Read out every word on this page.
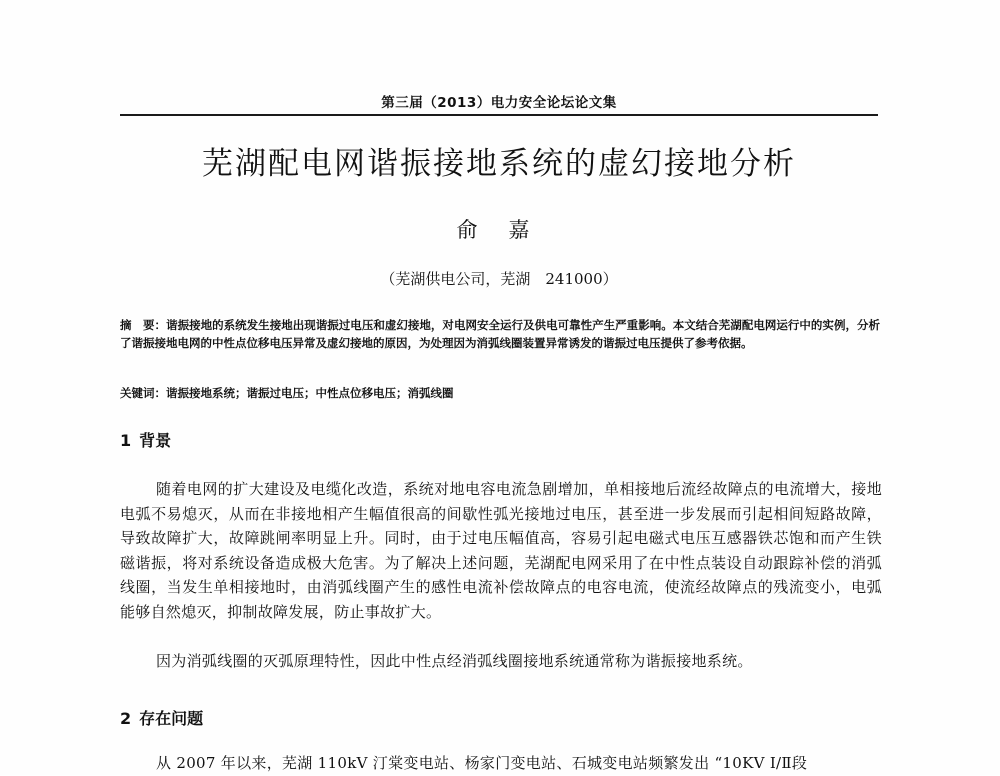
第三届（2013）电力安全论坛论文集
芜湖配电网谐振接地系统的虚幻接地分析
俞 嘉
（芜湖供电公司，芜湖　241000）
摘　要：谐振接地的系统发生接地出现谐振过电压和虚幻接地，对电网安全运行及供电可靠性产生严重影响。本文结合芜湖配电网运行中的实例，分析了谐振接地电网的中性点位移电压异常及虚幻接地的原因，为处理因为消弧线圈装置异常诱发的谐振过电压提供了参考依据。
关键词：谐振接地系统；谐振过电压；中性点位移电压；消弧线圈
1 背景
随着电网的扩大建设及电缆化改造，系统对地电容电流急剧增加，单相接地后流经故障点的电流增大，接地电弧不易熄灭，从而在非接地相产生幅值很高的间歇性弧光接地过电压，甚至进一步发展而引起相间短路故障，导致故障扩大，故障跳闸率明显上升。同时，由于过电压幅值高，容易引起电磁式电压互感器铁芯饱和而产生铁磁谐振，将对系统设备造成极大危害。为了解决上述问题，芜湖配电网采用了在中性点装设自动跟踪补偿的消弧线圈，当发生单相接地时，由消弧线圈产生的感性电流补偿故障点的电容电流，使流经故障点的残流变小，电弧能够自然熄灭，抑制故障发展，防止事故扩大。
因为消弧线圈的灭弧原理特性，因此中性点经消弧线圈接地系统通常称为谐振接地系统。
2 存在问题
从 2007 年以来，芜湖 110kV 汀棠变电站、杨家门变电站、石城变电站频繁发出 “10KV Ⅰ/Ⅱ段
